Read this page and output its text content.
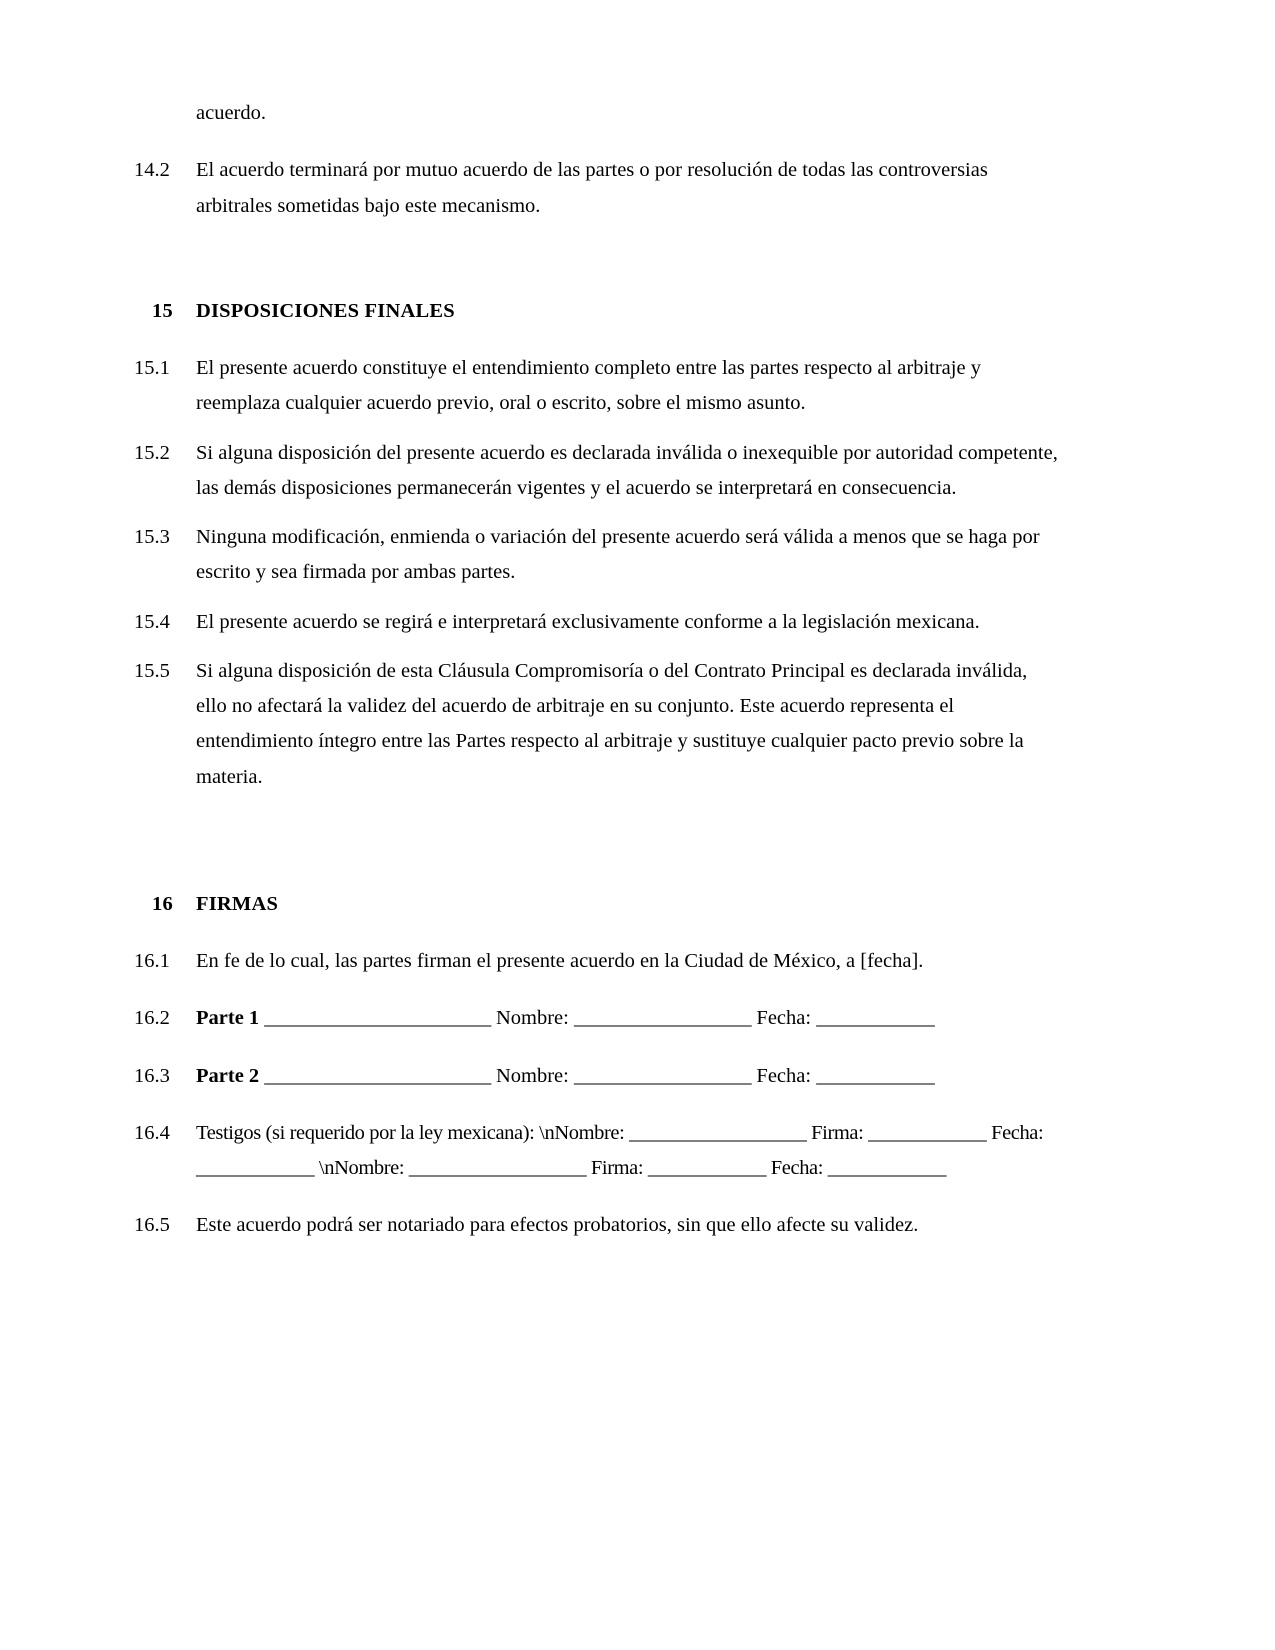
acuerdo.
14.2	El acuerdo terminará por mutuo acuerdo de las partes o por resolución de todas las controversias arbitrales sometidas bajo este mecanismo.
15	DISPOSICIONES FINALES
15.1	El presente acuerdo constituye el entendimiento completo entre las partes respecto al arbitraje y reemplaza cualquier acuerdo previo, oral o escrito, sobre el mismo asunto.
15.2	Si alguna disposición del presente acuerdo es declarada inválida o inexequible por autoridad competente, las demás disposiciones permanecerán vigentes y el acuerdo se interpretará en consecuencia.
15.3	Ninguna modificación, enmienda o variación del presente acuerdo será válida a menos que se haga por escrito y sea firmada por ambas partes.
15.4	El presente acuerdo se regirá e interpretará exclusivamente conforme a la legislación mexicana.
15.5	Si alguna disposición de esta Cláusula Compromisoría o del Contrato Principal es declarada inválida, ello no afectará la validez del acuerdo de arbitraje en su conjunto. Este acuerdo representa el entendimiento íntegro entre las Partes respecto al arbitraje y sustituye cualquier pacto previo sobre la materia.
16	FIRMAS
16.1	En fe de lo cual, las partes firman el presente acuerdo en la Ciudad de México, a [fecha].
16.2	Parte 1 _______________________ Nombre: __________________ Fecha: ____________
16.3	Parte 2 _______________________ Nombre: __________________ Fecha: ____________
16.4	Testigos (si requerido por la ley mexicana): \nNombre: __________________ Firma: ____________ Fecha: ____________ \nNombre: __________________ Firma: ____________ Fecha: ____________
16.5	Este acuerdo podrá ser notariado para efectos probatorios, sin que ello afecte su validez.
